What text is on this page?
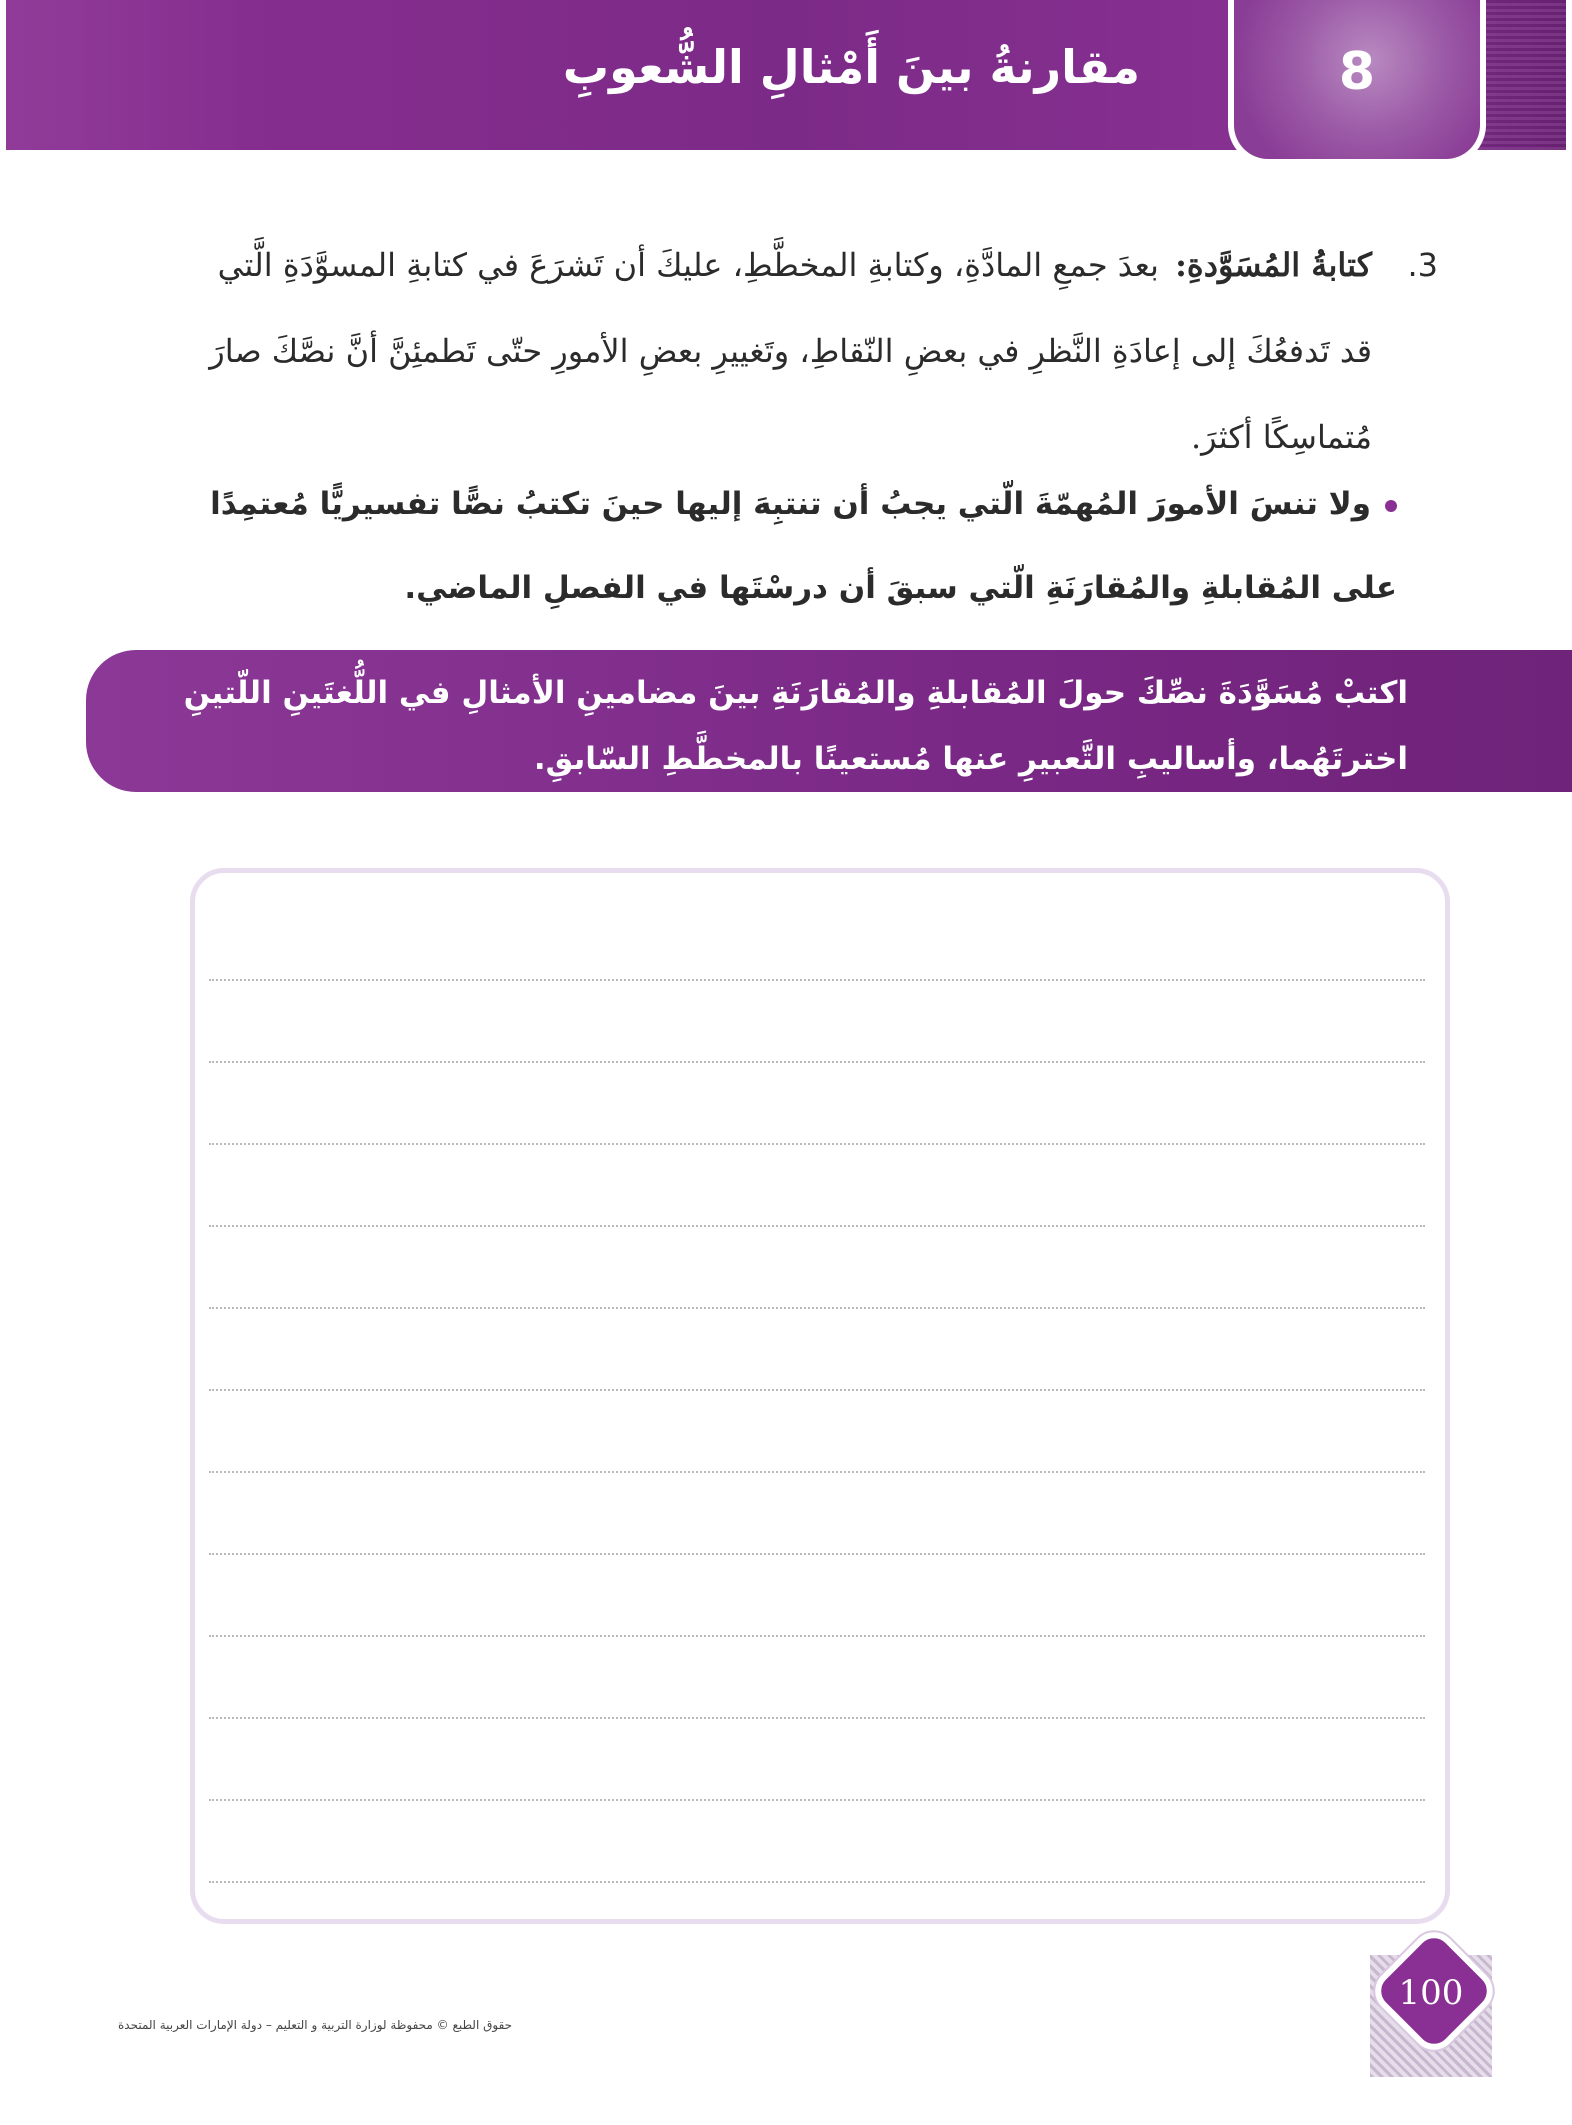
مقارنةُ بينَ أَمْثالِ الشُّعوبِ	8
3.
كتابةُ المُسَوَّدةِ: بعدَ جمعِ المادَّةِ، وكتابةِ المخطَّطِ، عليكَ أن تَشرَعَ في كتابةِ المسوَّدَةِ الَّتي قد تَدفعُكَ إلى إعادَةِ النَّظرِ في بعضِ النّقاطِ، وتَغييرِ بعضِ الأمورِ حتّى تَطمئِنَّ أنَّ نصَّكَ صارَ مُتماسِكًا أكثرَ.
ولا تنسَ الأمورَ المُهمّةَ الّتي يجبُ أن تنتبِهَ إليها حينَ تكتبُ نصًّا تفسيريًّا مُعتمِدًا على المُقابلةِ والمُقارَنَةِ الّتي سبقَ أن درسْتَها في الفصلِ الماضي.
اكتبْ مُسَوَّدَةَ نصِّكَ حولَ المُقابلةِ والمُقارَنَةِ بينَ مضامينِ الأمثالِ في اللُّغتَينِ اللّتينِ اخترتَهُما، وأساليبِ التَّعبيرِ عنها مُستعينًا بالمخطَّطِ السّابقِ.
حقوق الطبع © محفوظة لوزارة التربية و التعليم – دولة الإمارات العربية المتحدة
100
